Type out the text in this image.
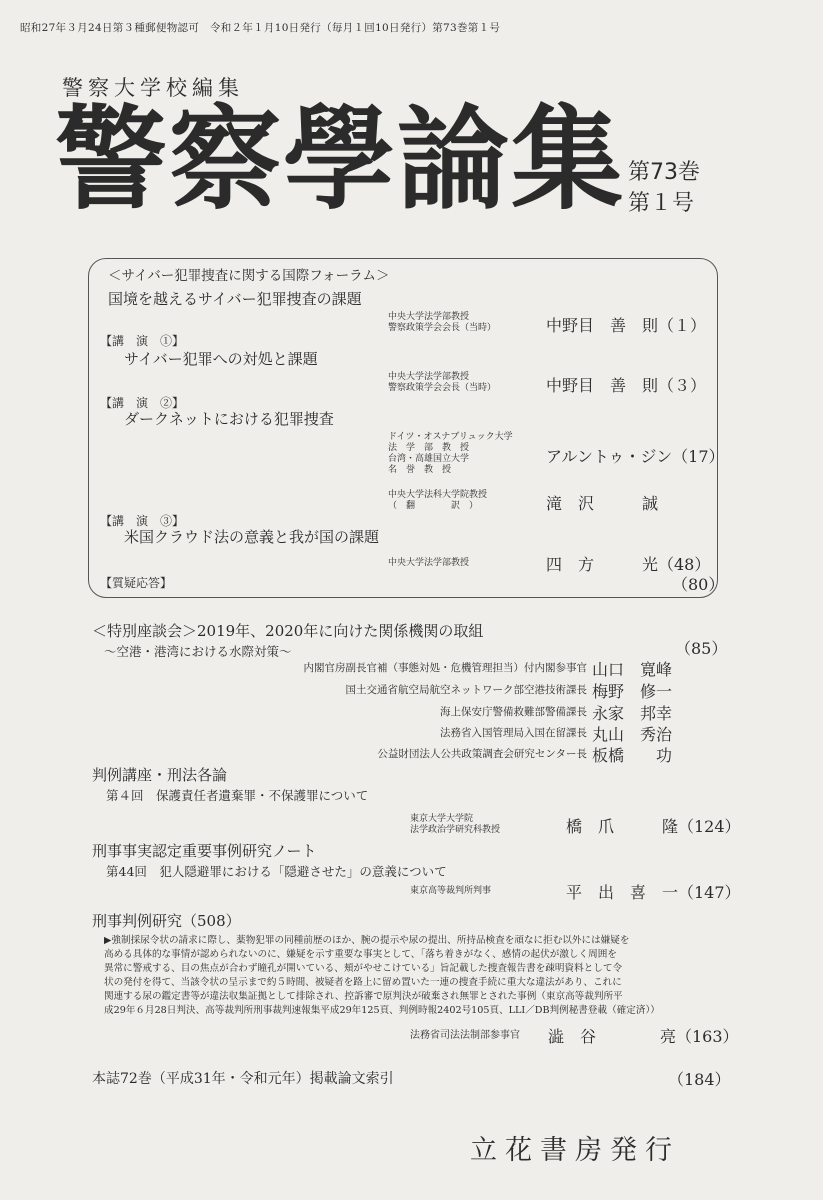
昭和27年３月24日第３種郵便物認可　令和２年１月10日発行（毎月１回10日発行）第73巻第１号
警察大学校編集
警察學論集 第73巻
第１号
＜サイバー犯罪捜査に関する国際フォーラム＞
国境を越えるサイバー犯罪捜査の課題
中央大学法学部教授
警察政策学会会長（当時）	中野目　善　則（１）
【講　演　①】
サイバー犯罪への対処と課題
中央大学法学部教授
警察政策学会会長（当時）	中野目　善　則（３）
【講　演　②】
ダークネットにおける犯罪捜査
ドイツ・オスナブリュック大学
法　学　部　教　授
台湾・高雄国立大学
名　誉　教　授
アルントゥ・ジン（17）
中央大学法科大学院教授
（　翻　　　　訳　）	滝　沢　　　誠
【講　演　③】
米国クラウド法の意義と我が国の課題
中央大学法学部教授	四　方　　　光（48）
【質疑応答】	（80）
＜特別座談会＞2019年、2020年に向けた関係機関の取組
～空港・港湾における水際対策～	（85）
内閣官房副長官補（事態対処・危機管理担当）付内閣参事官 山口　寛峰
国土交通省航空局航空ネットワーク部空港技術課長 梅野　修一
海上保安庁警備救難部警備課長 永家　邦幸
法務省入国管理局入国在留課長 丸山　秀治
公益財団法人公共政策調査会研究センター長 板橋　　功
判例講座・刑法各論
第４回　保護責任者遺棄罪・不保護罪について
東京大学大学院
法学政治学研究科教授	橋　爪　　　隆（124）
刑事事実認定重要事例研究ノート
第44回　犯人隠避罪における「隠避させた」の意義について
東京高等裁判所判事	平　出　喜　一（147）
刑事判例研究（508）
▶強制採尿令状の請求に際し、薬物犯罪の同種前歴のほか、腕の提示や尿の提出、所持品検査を頑なに拒む以外には嫌疑を
高める具体的な事情が認められないのに、嫌疑を示す重要な事実として、「落ち着きがなく、感情の起伏が激しく周囲を
異常に警戒する、目の焦点が合わず瞳孔が開いている、頬がやせこけている」旨記載した捜査報告書を疎明資料として令
状の発付を得て、当該令状の呈示まで約５時間、被疑者を路上に留め置いた一連の捜査手続に重大な違法があり、これに
関連する尿の鑑定書等が違法収集証拠として排除され、控訴審で原判決が破棄され無罪とされた事例（東京高等裁判所平
成29年６月28日判決、高等裁判所刑事裁判速報集平成29年125頁、判例時報2402号105頁、LLI／DB判例秘書登載（確定済））
法務省司法法制部参事官 澁　谷　　　　亮（163）
本誌72巻（平成31年・令和元年）掲載論文索引	（184）
立花書房発行
